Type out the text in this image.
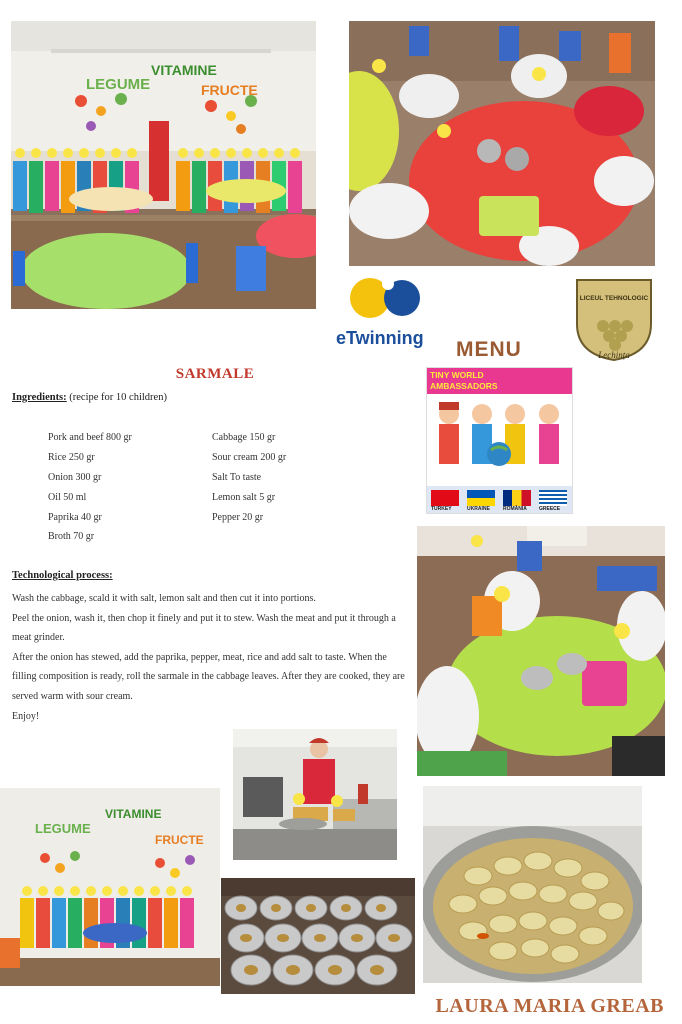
LEGUME
VITAMINE
FRUCTE
eTwinning MENU
LICEUL TEHNOLOGIC
Lechința
TINY WORLD AMBASSADORS
TURKEY	UKRAINE	ROMÂNIA GREECE
SARMALE
Ingredients: (recipe for 10 children)
Pork and beef 800 gr
Rice 250 gr
Onion 300 gr
Oil 50 ml
Paprika 40 gr
Broth 70 gr
Cabbage 150 gr
Sour cream 200 gr
Salt To taste
Lemon salt 5 gr
Pepper 20 gr
Technological process:

Wash the cabbage, scald it with salt, lemon salt and then cut it into portions.

Peel the onion, wash it, then chop it finely and put it to stew. Wash the meat and put it through a meat grinder.

After the onion has stewed, add the paprika, pepper, meat, rice and add salt to taste. When the filling composition is ready, roll the sarmale in the cabbage leaves. After they are cooked, they are served warm with sour cream.

Enjoy!

LEGUME
VITAMINE
FRUCTE
LAURA MARIA GREAB
